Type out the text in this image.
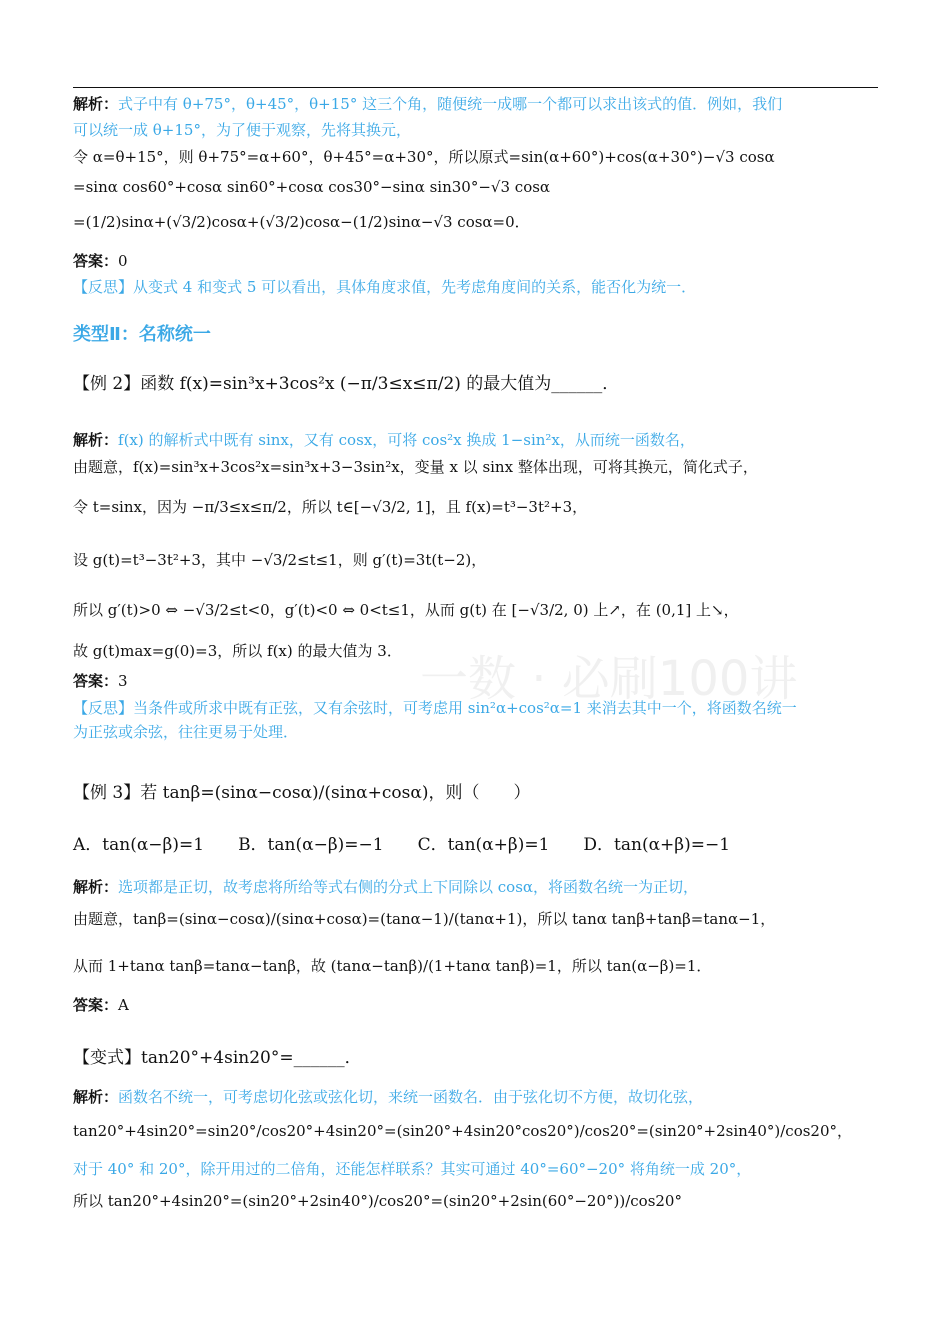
一数 · 必刷100讲
解析：式子中有 θ+75°，θ+45°，θ+15° 这三个角，随便统一成哪一个都可以求出该式的值．例如，我们
可以统一成 θ+15°，为了便于观察，先将其换元，
令 α=θ+15°，则 θ+75°=α+60°，θ+45°=α+30°，所以原式=sin(α+60°)+cos(α+30°)−√3 cosα
=sinα cos60°+cosα sin60°+cosα cos30°−sinα sin30°−√3 cosα
=(1/2)sinα+(√3/2)cosα+(√3/2)cosα−(1/2)sinα−√3 cosα=0．
答案：0
【反思】从变式 4 和变式 5 可以看出，具体角度求值，先考虑角度间的关系，能否化为统一．
类型Ⅱ：名称统一
【例 2】函数 f(x)=sin³x+3cos²x (−π/3≤x≤π/2) 的最大值为______．
解析：f(x) 的解析式中既有 sinx，又有 cosx，可将 cos²x 换成 1−sin²x，从而统一函数名，
由题意，f(x)=sin³x+3cos²x=sin³x+3−3sin²x，变量 x 以 sinx 整体出现，可将其换元，简化式子，
令 t=sinx，因为 −π/3≤x≤π/2，所以 t∈[−√3/2, 1]，且 f(x)=t³−3t²+3，
设 g(t)=t³−3t²+3，其中 −√3/2≤t≤1，则 g′(t)=3t(t−2)，
所以 g′(t)>0 ⇔ −√3/2≤t<0，g′(t)<0 ⇔ 0<t≤1，从而 g(t) 在 [−√3/2, 0) 上↗，在 (0,1] 上↘，
故 g(t)max=g(0)=3，所以 f(x) 的最大值为 3．
答案：3
【反思】当条件或所求中既有正弦，又有余弦时，可考虑用 sin²α+cos²α=1 来消去其中一个，将函数名统一
为正弦或余弦，往往更易于处理．
【例 3】若 tanβ=(sinα−cosα)/(sinα+cosα)，则（　　）
A．tan(α−β)=1　　B．tan(α−β)=−1　　C．tan(α+β)=1　　D．tan(α+β)=−1
解析：选项都是正切，故考虑将所给等式右侧的分式上下同除以 cosα，将函数名统一为正切，
由题意，tanβ=(sinα−cosα)/(sinα+cosα)=(tanα−1)/(tanα+1)，所以 tanα tanβ+tanβ=tanα−1，
从而 1+tanα tanβ=tanα−tanβ，故 (tanα−tanβ)/(1+tanα tanβ)=1，所以 tan(α−β)=1．
答案：A
【变式】tan20°+4sin20°=______．
解析：函数名不统一，可考虑切化弦或弦化切，来统一函数名．由于弦化切不方便，故切化弦，
tan20°+4sin20°=sin20°/cos20°+4sin20°=(sin20°+4sin20°cos20°)/cos20°=(sin20°+2sin40°)/cos20°，
对于 40° 和 20°，除开用过的二倍角，还能怎样联系？其实可通过 40°=60°−20° 将角统一成 20°，
所以 tan20°+4sin20°=(sin20°+2sin40°)/cos20°=(sin20°+2sin(60°−20°))/cos20°
